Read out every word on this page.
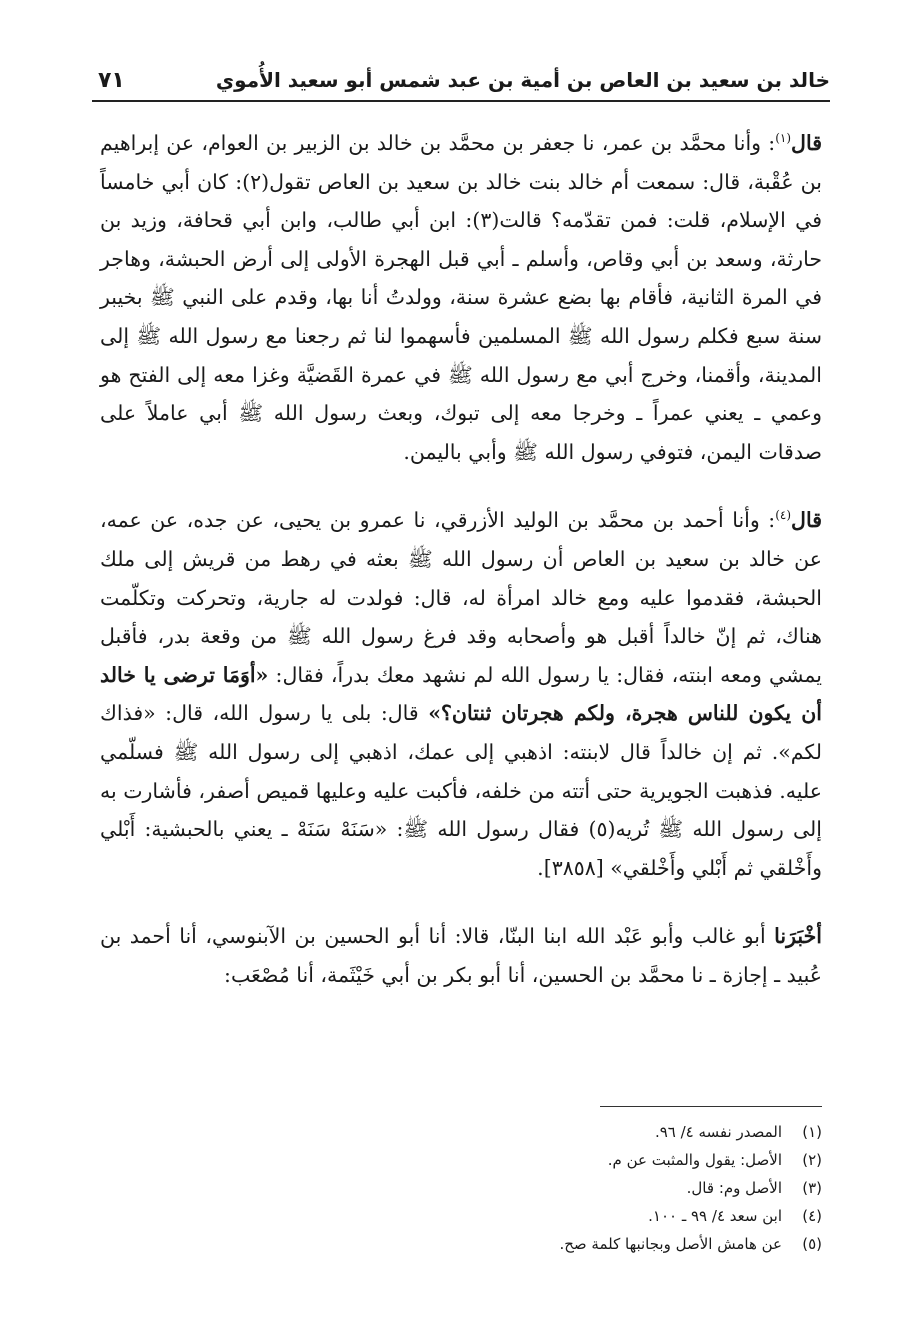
خالد بن سعيد بن العاص بن أمية بن عبد شمس أبو سعيد الأُموي
٧١

قال$^{(١)}$: وأنا محمَّد بن عمر، نا جعفر بن محمَّد بن خالد بن الزبير بن العوام، عن إبراهيم بن عُقْبة، قال: سمعت أم خالد بنت خالد بن سعيد بن العاص تقول(٢): كان أبي خامساً في الإسلام، قلت: فمن تقدّمه؟ قالت(٣): ابن أبي طالب، وابن أبي قحافة، وزيد بن حارثة، وسعد بن أبي وقاص، وأسلم ـ أبي قبل الهجرة الأولى إلى أرض الحبشة، وهاجر في المرة الثانية، فأقام بها بضع عشرة سنة، وولدتُ أنا بها، وقدم على النبي ﷺ بخيبر سنة سبع فكلم رسول الله ﷺ المسلمين فأسهموا لنا ثم رجعنا مع رسول الله ﷺ إلى المدينة، وأقمنا، وخرج أبي مع رسول الله ﷺ في عمرة القَضيَّة وغزا معه إلى الفتح هو وعمي ـ يعني عمراً ـ وخرجا معه إلى تبوك، وبعث رسول الله ﷺ أبي عاملاً على صدقات اليمن، فتوفي رسول الله ﷺ وأبي باليمن.

قال$^{(٤)}$: وأنا أحمد بن محمَّد بن الوليد الأزرقي، نا عمرو بن يحيى، عن جده، عن عمه، عن خالد بن سعيد بن العاص أن رسول الله ﷺ بعثه في رهط من قريش إلى ملك الحبشة، فقدموا عليه ومع خالد امرأة له، قال: فولدت له جارية، وتحركت وتكلّمت هناك، ثم إنّ خالداً أقبل هو وأصحابه وقد فرغ رسول الله ﷺ من وقعة بدر، فأقبل يمشي ومعه ابنته، فقال: يا رسول الله لم نشهد معك بدراً، فقال: «أوَمَا ترضى يا خالد أن يكون للناس هجرة، ولكم هجرتان ثنتان؟» قال: بلى يا رسول الله، قال: «فذاك لكم». ثم إن خالداً قال لابنته: اذهبي إلى عمك، اذهبي إلى رسول الله ﷺ فسلّمي عليه. فذهبت الجويرية حتى أتته من خلفه، فأكبت عليه وعليها قميص أصفر، فأشارت به إلى رسول الله ﷺ تُريه(٥) فقال رسول الله ﷺ: «سَنَهْ سَنَهْ ـ يعني بالحبشية: أَبْلي وأَخْلقي ثم أَبْلي وأَخْلقي» [٣٨٥٨].

أخْبَرَنا أبو غالب وأبو عَبْد الله ابنا البنّا، قالا: أنا أبو الحسين بن الآبنوسي، أنا أحمد بن عُبيد ـ إجازة ـ نا محمَّد بن الحسين، أنا أبو بكر بن أبي خَيْثَمة، أنا مُصْعَب:

(١)المصدر نفسه ٤/ ٩٦.
(٢)الأصل: يقول والمثبت عن م.
(٣)الأصل وم: قال.
(٤)ابن سعد ٤/ ٩٩ ـ ١٠٠.
(٥)عن هامش الأصل وبجانبها كلمة صح.
